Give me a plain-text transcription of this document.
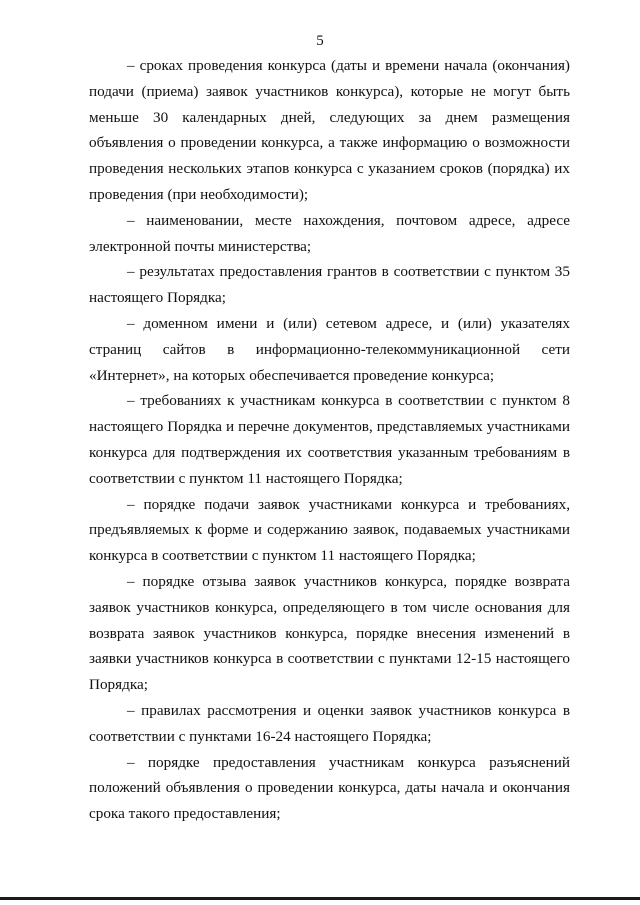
5

– сроках проведения конкурса (даты и времени начала (окончания) подачи (приема) заявок участников конкурса), которые не могут быть меньше 30 календарных дней, следующих за днем размещения объявления о проведении конкурса, а также информацию о возможности проведения нескольких этапов конкурса с указанием сроков (порядка) их проведения (при необходимости);

– наименовании, месте нахождения, почтовом адресе, адресе электронной почты министерства;

– результатах предоставления грантов в соответствии с пунктом 35 настоящего Порядка;

– доменном имени и (или) сетевом адресе, и (или) указателях страниц сайтов в информационно-телекоммуникационной сети «Интернет», на которых обеспечивается проведение конкурса;

– требованиях к участникам конкурса в соответствии с пунктом 8 настоящего Порядка и перечне документов, представляемых участниками конкурса для подтверждения их соответствия указанным требованиям в соответствии с пунктом 11 настоящего Порядка;

– порядке подачи заявок участниками конкурса и требованиях, предъявляемых к форме и содержанию заявок, подаваемых участниками конкурса в соответствии с пунктом 11 настоящего Порядка;

– порядке отзыва заявок участников конкурса, порядке возврата заявок участников конкурса, определяющего в том числе основания для возврата заявок участников конкурса, порядке внесения изменений в заявки участников конкурса в соответствии с пунктами 12-15 настоящего Порядка;

– правилах рассмотрения и оценки заявок участников конкурса в соответствии с пунктами 16-24 настоящего Порядка;

– порядке предоставления участникам конкурса разъяснений положений объявления о проведении конкурса, даты начала и окончания срока такого предоставления;
